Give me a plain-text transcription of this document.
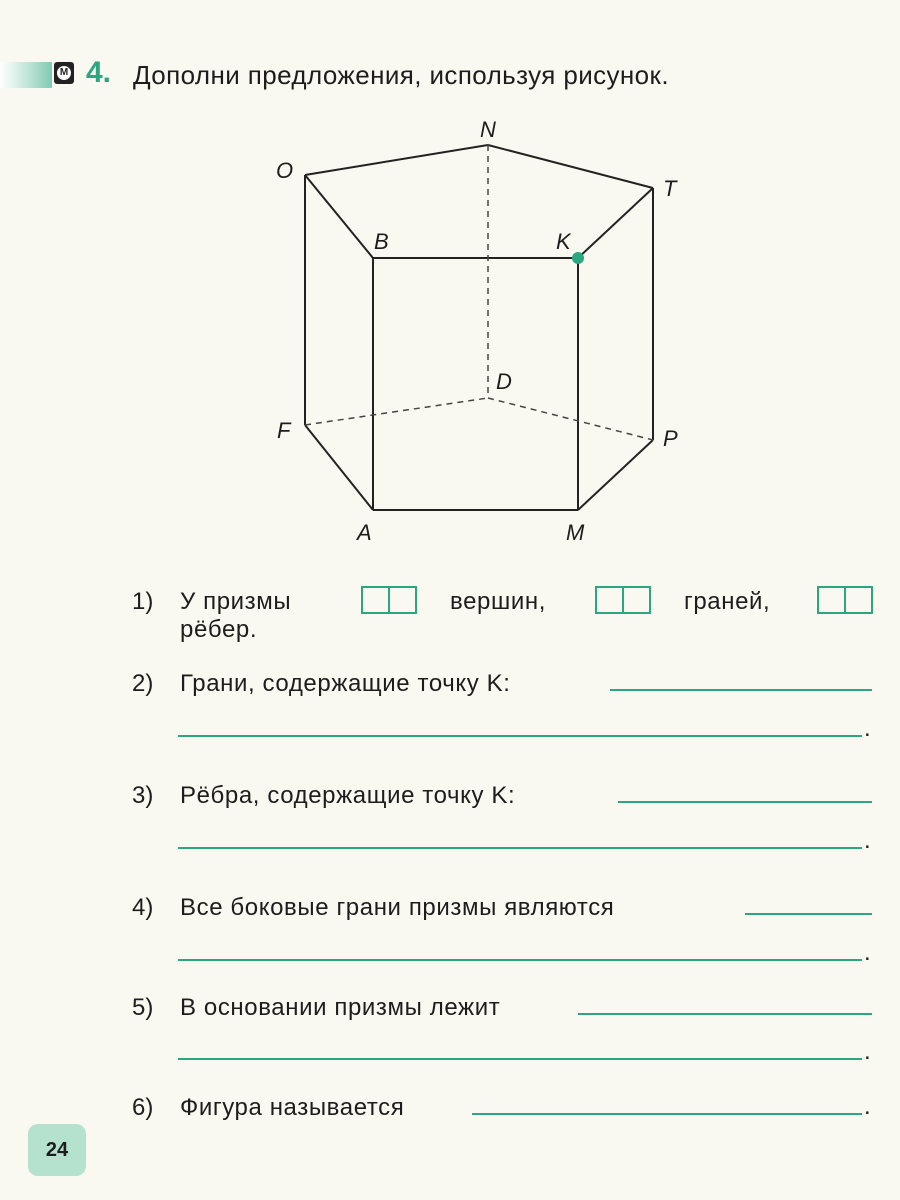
M 4. Дополни предложения, используя рисунок.
N
O
T
B	K
D
F	P
A	M
1) У призмы	вершин,	граней,
рёбер.
2) Грани, содержащие точку K:
.
3) Рёбра, содержащие точку K:
.
4) Все боковые грани призмы являются
.
5) В основании призмы лежит
.
6) Фигура называется	.
24
